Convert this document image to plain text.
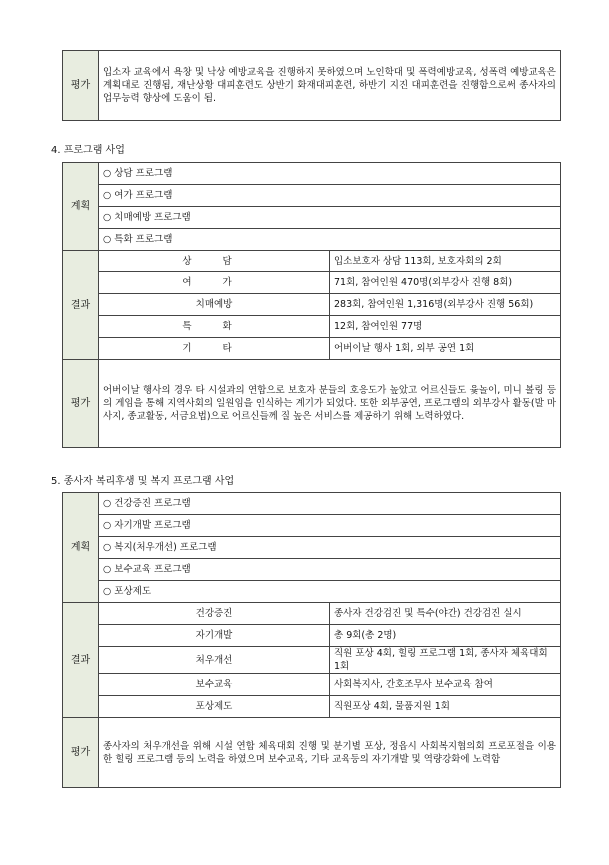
평가	입소자 교육에서 욕창 및 낙상 예방교육을 진행하지 못하였으며 노인학대 및 폭력예방교육, 성폭력 예방교육은 계획대로 진행됨, 재난상황 대피훈련도 상반기 화재대피훈련, 하반기 지진 대피훈련을 진행함으로써 종사자의 업무능력 향상에 도움이 됨.
4. 프로그램 사업
계획	○ 상담 프로그램	
	○ 여가 프로그램	
	○ 치매예방 프로그램	
	○ 특화 프로그램	
결과	상 담	입소보호자 상담 113회, 보호자회의 2회
	여 가	71회, 참여인원 470명(외부강사 진행 8회)
	치매예방	283회, 참여인원 1,316명(외부강사 진행 56회)
	특 화	12회, 참여인원 77명
	기 타	어버이날 행사 1회, 외부 공연 1회
평가	어버이날 행사의 경우 타 시설과의 연합으로 보호자 분들의 호응도가 높았고 어르신들도 윷놀이, 미니 볼링 등의 게임을 통해 지역사회의 일원임을 인식하는 계기가 되었다. 또한 외부공연, 프로그램의 외부강사 활동(발 마사지, 종교활동, 서금요법)으로 어르신들께 질 높은 서비스를 제공하기 위해 노력하였다.	
5. 종사자 복리후생 및 복지 프로그램 사업
계획	○ 건강증진 프로그램	
	○ 자기개발 프로그램	
	○ 복지(처우개선) 프로그램	
	○ 보수교육 프로그램	
	○ 포상제도	
결과	건강증진	종사자 건강검진 및 특수(야간) 건강검진 실시
	자기개발	총 9회(총 2명)
	처우개선	직원 포상 4회, 힐링 프로그램 1회, 종사자 체육대회 1회
	보수교육	사회복지사, 간호조무사 보수교육 참여
	포상제도	직원포상 4회, 물품지원 1회
평가	종사자의 처우개선을 위해 시설 연합 체육대회 진행 및 분기별 포상, 정읍시 사회복지협의회 프로포절을 이용한 힐링 프로그램 등의 노력을 하였으며 보수교육, 기타 교육등의 자기개발 및 역량강화에 노력함	
